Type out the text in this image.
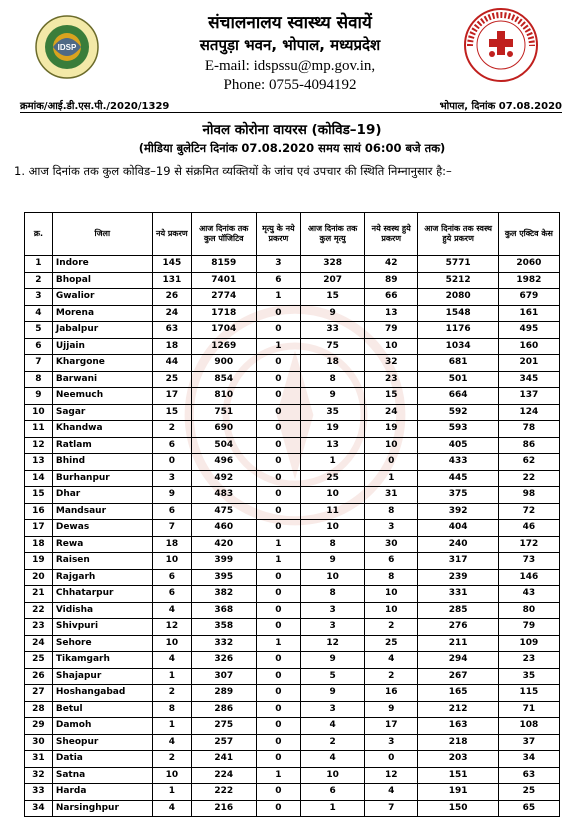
IDSP
संचालनालय स्वास्थ्य सेवायें
सतपुड़ा भवन, भोपाल, मध्यप्रदेश
E-mail: idspssu@mp.gov.in,
Phone: 0755-4094192
क्रमांक/आई.डी.एस.पी./2020/1329	भोपाल, दिनांक 07.08.2020
नोवल कोरोना वायरस (कोविड–19)
(मीडिया बुलेटिन दिनांक 07.08.2020 समय सायं 06:00 बजे तक)
1. आज दिनांक तक कुल कोविड–19 से संक्रमित व्यक्तियों के जांच एवं उपचार की स्थिति निम्नानुसार है:–
क्र.	जिला	नये प्रकरण	आज दिनांक तक कुल पॉजिटिव	मृत्यु के नये प्रकरण	आज दिनांक तक कुल मृत्यु	नये स्वस्थ हुये प्रकरण	आज दिनांक तक स्वस्थ हुये प्रकरण	कुल एक्टिव केस
1	Indore	145	8159	3	328	42	5771	2060
2	Bhopal	131	7401	6	207	89	5212	1982
3	Gwalior	26	2774	1	15	66	2080	679
4	Morena	24	1718	0	9	13	1548	161
5	Jabalpur	63	1704	0	33	79	1176	495
6	Ujjain	18	1269	1	75	10	1034	160
7	Khargone	44	900	0	18	32	681	201
8	Barwani	25	854	0	8	23	501	345
9	Neemuch	17	810	0	9	15	664	137
10	Sagar	15	751	0	35	24	592	124
11	Khandwa	2	690	0	19	19	593	78
12	Ratlam	6	504	0	13	10	405	86
13	Bhind	0	496	0	1	0	433	62
14	Burhanpur	3	492	0	25	1	445	22
15	Dhar	9	483	0	10	31	375	98
16	Mandsaur	6	475	0	11	8	392	72
17	Dewas	7	460	0	10	3	404	46
18	Rewa	18	420	1	8	30	240	172
19	Raisen	10	399	1	9	6	317	73
20	Rajgarh	6	395	0	10	8	239	146
21	Chhatarpur	6	382	0	8	10	331	43
22	Vidisha	4	368	0	3	10	285	80
23	Shivpuri	12	358	0	3	2	276	79
24	Sehore	10	332	1	12	25	211	109
25	Tikamgarh	4	326	0	9	4	294	23
26	Shajapur	1	307	0	5	2	267	35
27	Hoshangabad	2	289	0	9	16	165	115
28	Betul	8	286	0	3	9	212	71
29	Damoh	1	275	0	4	17	163	108
30	Sheopur	4	257	0	2	3	218	37
31	Datia	2	241	0	4	0	203	34
32	Satna	10	224	1	10	12	151	63
33	Harda	1	222	0	6	4	191	25
34	Narsinghpur	4	216	0	1	7	150	65
